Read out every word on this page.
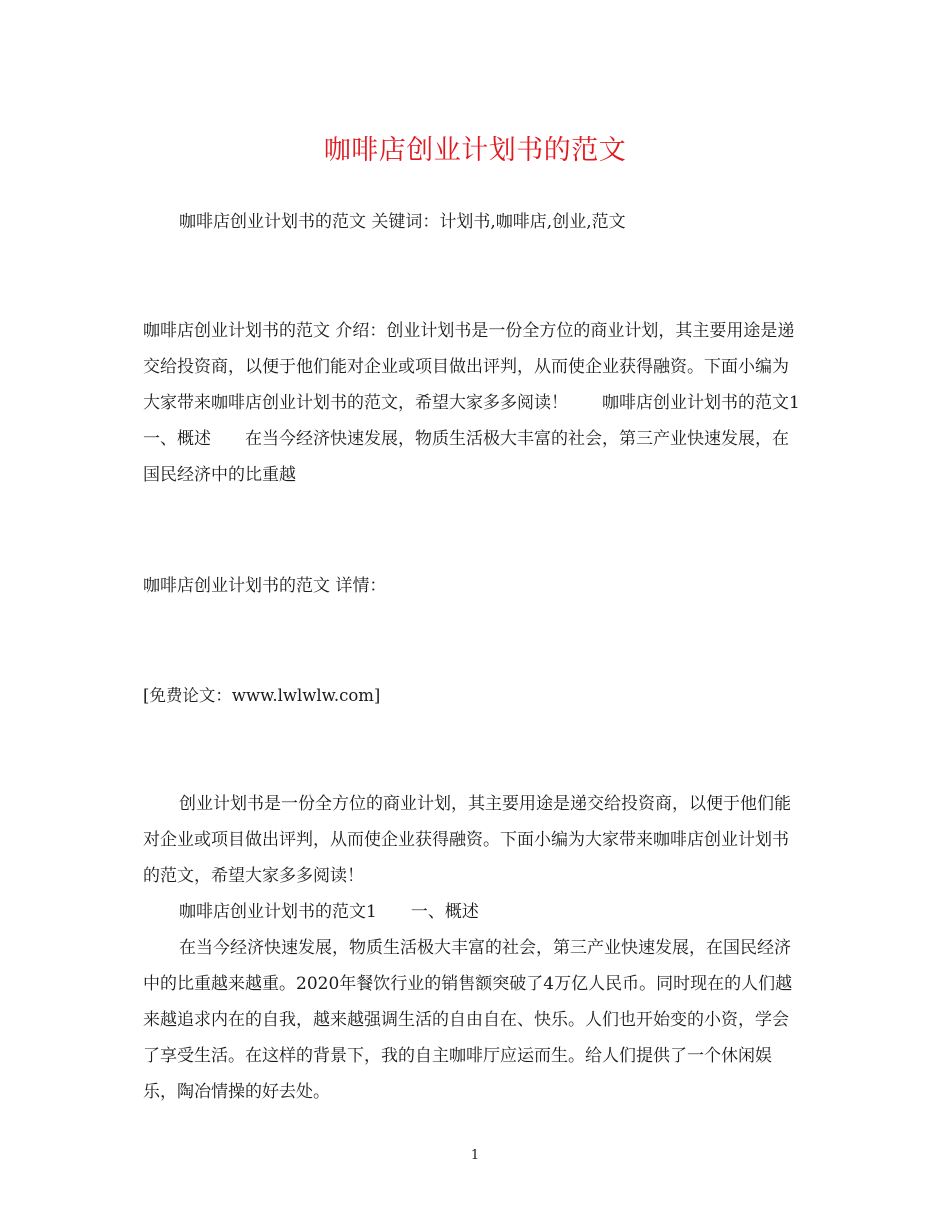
咖啡店创业计划书的范文
咖啡店创业计划书的范文 关键词：计划书,咖啡店,创业,范文
咖啡店创业计划书的范文 介绍：创业计划书是一份全方位的商业计划，其主要用途是递交给投资商，以便于他们能对企业或项目做出评判，从而使企业获得融资。下面小编为大家带来咖啡店创业计划书的范文，希望大家多多阅读！　　咖啡店创业计划书的范文1　　一、概述　　在当今经济快速发展，物质生活极大丰富的社会，第三产业快速发展，在国民经济中的比重越
咖啡店创业计划书的范文 详情：
[免费论文：www.lwlwlw.com]

创业计划书是一份全方位的商业计划，其主要用途是递交给投资商，以便于他们能对企业或项目做出评判，从而使企业获得融资。下面小编为大家带来咖啡店创业计划书的范文，希望大家多多阅读！

咖啡店创业计划书的范文1　　一、概述

在当今经济快速发展，物质生活极大丰富的社会，第三产业快速发展，在国民经济中的比重越来越重。2020年餐饮行业的销售额突破了4万亿人民币。同时现在的人们越来越追求内在的自我，越来越强调生活的自由自在、快乐。人们也开始变的小资，学会了享受生活。在这样的背景下，我的自主咖啡厅应运而生。给人们提供了一个休闲娱乐，陶冶情操的好去处。

1
